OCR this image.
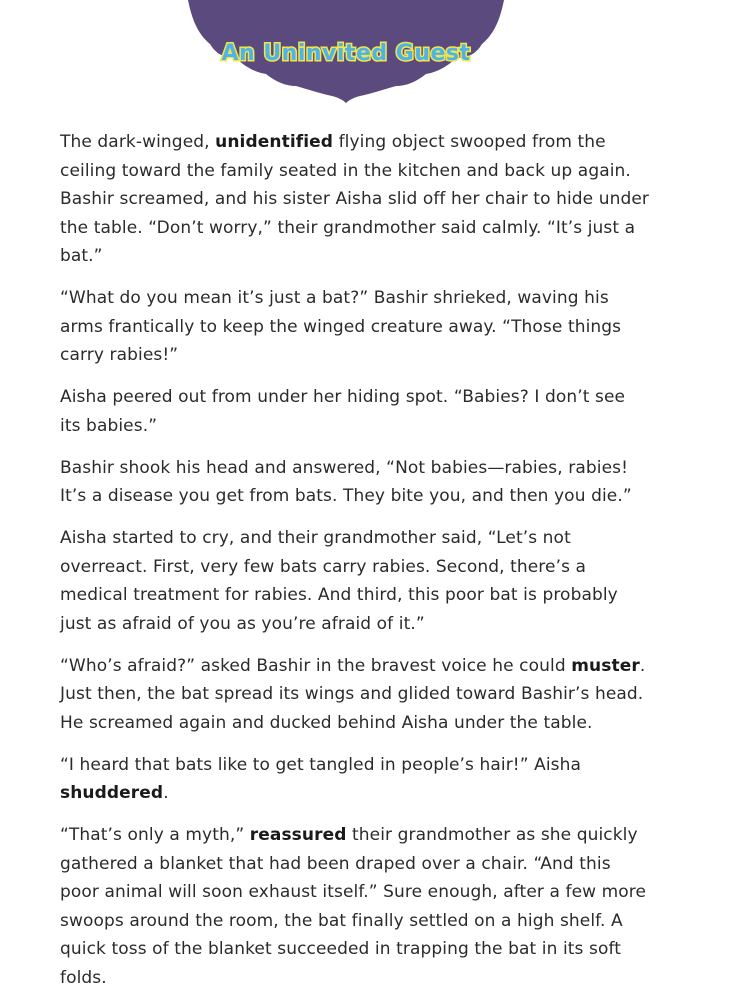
An Uninvited Guest

The dark-winged, unidentified flying object swooped from the ceiling toward the family seated in the kitchen and back up again. Bashir screamed, and his sister Aisha slid off her chair to hide under the table. “Don’t worry,” their grandmother said calmly. “It’s just a bat.”

“What do you mean it’s just a bat?” Bashir shrieked, waving his arms frantically to keep the winged creature away. “Those things carry rabies!”

Aisha peered out from under her hiding spot. “Babies? I don’t see its babies.”

Bashir shook his head and answered, “Not babies—rabies, rabies! It’s a disease you get from bats. They bite you, and then you die.”

Aisha started to cry, and their grandmother said, “Let’s not overreact. First, very few bats carry rabies. Second, there’s a medical treatment for rabies. And third, this poor bat is probably just as afraid of you as you’re afraid of it.”

“Who’s afraid?” asked Bashir in the bravest voice he could muster. Just then, the bat spread its wings and glided toward Bashir’s head. He screamed again and ducked behind Aisha under the table.

“I heard that bats like to get tangled in people’s hair!” Aisha shuddered.

“That’s only a myth,” reassured their grandmother as she quickly gathered a blanket that had been draped over a chair. “And this poor animal will soon exhaust itself.” Sure enough, after a few more swoops around the room, the bat finally settled on a high shelf. A quick toss of the blanket succeeded in trapping the bat in its soft folds.
